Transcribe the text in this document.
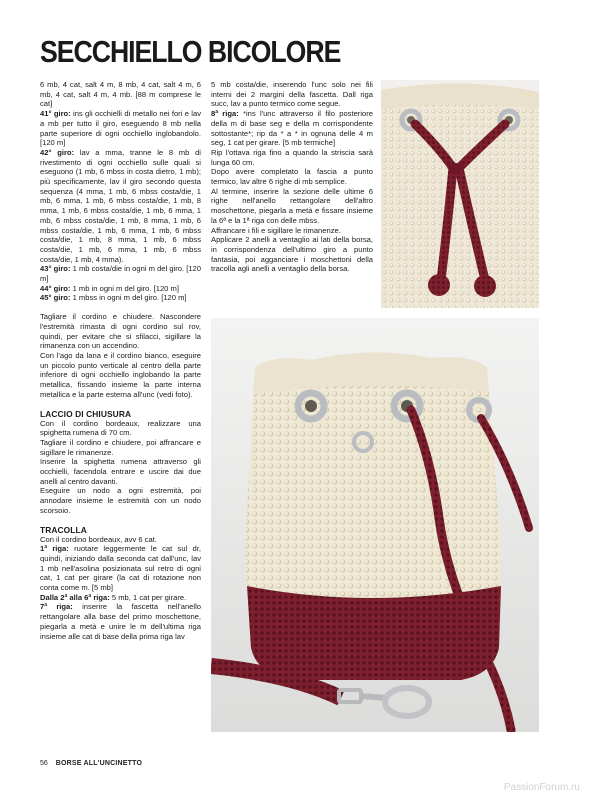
SECCHIELLO BICOLORE

6 mb, 4 cat, salt 4 m, 8 mb, 4 cat, salt 4 m, 6 mb, 4 cat, salt 4 m, 4 mb. [88 m comprese le cat]

41° giro: ins gli occhielli di metallo nei fori e lav a mb per tutto il giro, eseguendo 8 mb nella parte superiore di ogni occhiello inglobandolo. [120 m]

42° giro: lav a mma, tranne le 8 mb di rivestimento di ogni occhiello sulle quali si eseguono (1 mb, 6 mbss in costa dietro, 1 mb); più specificamente, lav il giro secondo questa sequenza (4 mma, 1 mb, 6 mbss costa/die, 1 mb, 6 mma, 1 mb, 6 mbss costa/die, 1 mb, 8 mma, 1 mb, 6 mbss costa/die, 1 mb, 6 mma, 1 mb, 6 mbss costa/die, 1 mb, 8 mma, 1 mb, 6 mbss costa/die, 1 mb, 6 mma, 1 mb, 6 mbss costa/die, 1 mb, 8 mma, 1 mb, 6 mbss costa/die, 1 mb, 6 mma, 1 mb, 6 mbss costa/die, 1 mb, 4 mma).

43° giro: 1 mb costa/die in ogni m del giro. [120 m]

44° giro: 1 mb in ogni m del giro. [120 m]

45° giro: 1 mbss in ogni m del giro. [120 m]

Tagliare il cordino e chiudere. Nascondere l'estremità rimasta di ogni cordino sul rov, quindi, per evitare che si sfilacci, sigillare la rimanenza con un accendino.

Con l'ago da lana e il cordino bianco, eseguire un piccolo punto verticale al centro della parte inferiore di ogni occhiello inglobando la parte metallica, fissando insieme la parte interna metallica e la parte esterna all'unc (vedi foto).

LACCIO DI CHIUSURA

Con il cordino bordeaux, realizzare una spighetta rumena di 70 cm.

Tagliare il cordino e chiudere, poi affrancare e sigillare le rimanenze.

Inserire la spighetta rumena attraverso gli occhielli, facendola entrare e uscire dai due anelli al centro davanti.

Eseguire un nodo a ogni estremità, poi annodare insieme le estremità con un nodo scorsoio.

TRACOLLA

Con il cordino bordeaux, avv 6 cat.

1ª riga: ruotare leggermente le cat sul dr, quindi, iniziando dalla seconda cat dall'unc, lav 1 mb nell'asolina posizionata sul retro di ogni cat, 1 cat per girare (la cat di rotazione non conta come m. [5 mb]

Dalla 2ª alla 6ª riga: 5 mb, 1 cat per girare.

7ª riga: inserire la fascetta nell'anello rettangolare alla base del primo moschettone, piegarla a metà e unire le m dell'ultima riga insieme alle cat di base della prima riga lav

5 mb costa/die, inserendo l'unc solo nei fili interni dei 2 margini della fascetta. Dall riga succ, lav a punto termico come segue.

8ª riga: *ins l'unc attraverso il filo posteriore della m di base seg e della m corrispondente sottostante*; rip da * a * in ognuna delle 4 m seg, 1 cat per girare. [5 mb termiche]

Rip l'ottava riga fino a quando la striscia sarà lunga 60 cm.

Dopo avere completato la fascia a punto termico, lav altre 6 righe di mb semplice.

Al termine, inserire la sezione delle ultime 6 righe nell'anello rettangolare dell'altro moschettone, piegarla a metà e fissare insieme la 6ª e la 1ª riga con delle mbss.

Affrancare i fili e sigillare le rimanenze.

Applicare 2 anelli a ventaglio ai lati della borsa, in corrispondenza dell'ultimo giro a punto fantasia, poi agganciare i moschettoni della tracolla agli anelli a ventaglio della borsa.

56 BORSE ALL'UNCINETTO
PassionForum.ru
